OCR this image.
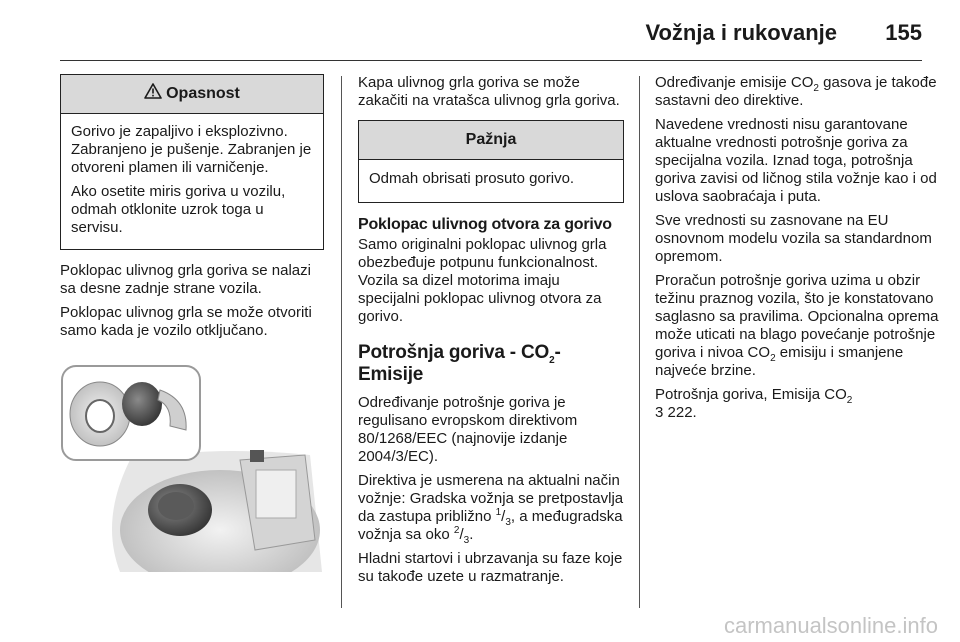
Vožnja i rukovanje 155
Opasnost

Gorivo je zapaljivo i eksplozivno. Zabranjeno je pušenje. Zabranjen je otvoreni plamen ili varničenje.

Ako osetite miris goriva u vozilu, odmah otklonite uzrok toga u servisu.

Poklopac ulivnog grla goriva se nalazi sa desne zadnje strane vozila.

Poklopac ulivnog grla se može otvoriti samo kada je vozilo otključano.

Kapa ulivnog grla goriva se može zakačiti na vratašca ulivnog grla goriva.

Pažnja

Odmah obrisati prosuto gorivo.

Poklopac ulivnog otvora za gorivo

Samo originalni poklopac ulivnog grla obezbeđuje potpunu funkcionalnost. Vozila sa dizel motorima imaju specijalni poklopac ulivnog otvora za gorivo.

Potrošnja goriva - $CO_2$-Emisije

Određivanje potrošnje goriva je regulisano evropskom direktivom 80/1268/EEC (najnovije izdanje 2004/3/EC).

Direktiva je usmerena na aktualni način vožnje: Gradska vožnja se pretpostavlja da zastupa približno $^1/_3$, a međugradska vožnja sa oko $^2/_3$.

Hladni startovi i ubrzavanja su faze koje su takođe uzete u razmatranje.

Određivanje emisije $CO_2$ gasova je takođe sastavni deo direktive.

Navedene vrednosti nisu garantovane aktualne vrednosti potrošnje goriva za specijalna vozila. Iznad toga, potrošnja goriva zavisi od ličnog stila vožnje kao i od uslova saobraćaja i puta.

Sve vrednosti su zasnovane na EU osnovnom modelu vozila sa standardnom opremom.

Proračun potrošnje goriva uzima u obzir težinu praznog vozila, što je konstatovano saglasno sa pravilima. Opcionalna oprema može uticati na blago povećanje potrošnje goriva i nivoa $CO_2$ emisiju i smanjene najveće brzine.

Potrošnja goriva, Emisija $CO_2$
3 222.

carmanualsonline.info
